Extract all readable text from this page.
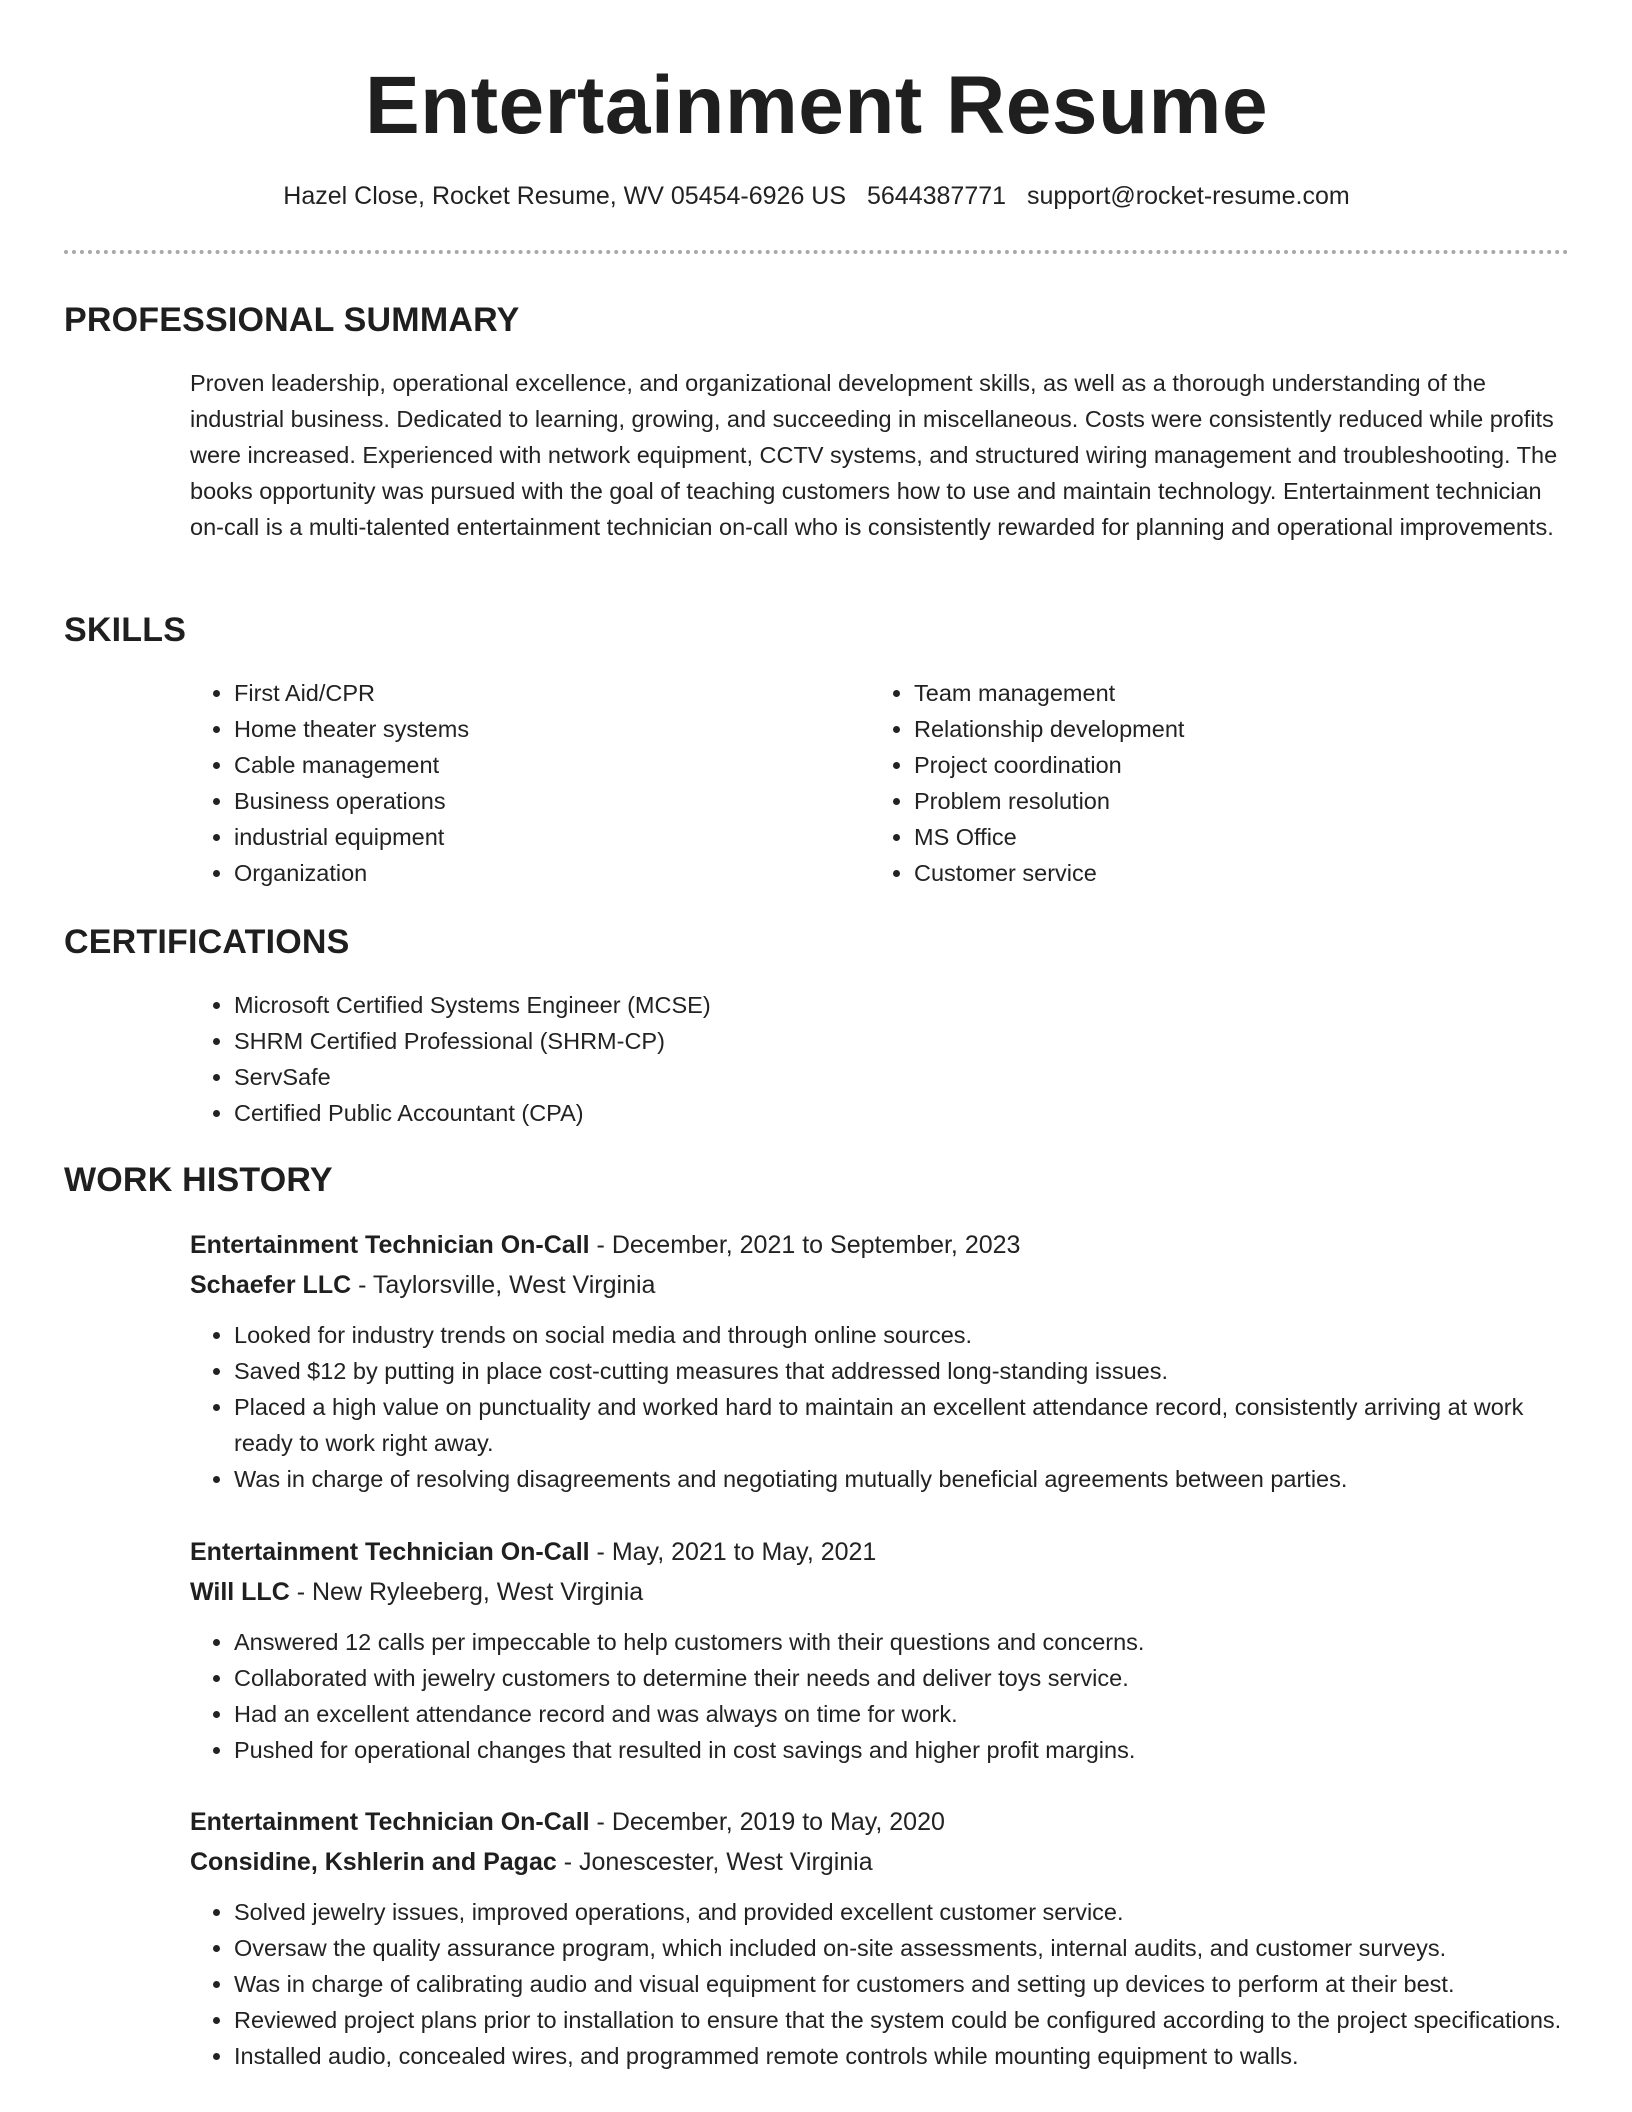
Entertainment Resume
Hazel Close, Rocket Resume, WV 05454-6926 US 5644387771 support@rocket-resume.com
PROFESSIONAL SUMMARY

Proven leadership, operational excellence, and organizational development skills, as well as a thorough understanding of the industrial business. Dedicated to learning, growing, and succeeding in miscellaneous. Costs were consistently reduced while profits were increased. Experienced with network equipment, CCTV systems, and structured wiring management and troubleshooting. The books opportunity was pursued with the goal of teaching customers how to use and maintain technology. Entertainment technician on-call is a multi-talented entertainment technician on-call who is consistently rewarded for planning and operational improvements.

SKILLS
• First Aid/CPR
• Home theater systems
• Cable management
• Business operations
• industrial equipment
• Organization
• Team management
• Relationship development
• Project coordination
• Problem resolution
• MS Office
• Customer service
CERTIFICATIONS
• Microsoft Certified Systems Engineer (MCSE)
• SHRM Certified Professional (SHRM-CP)
• ServSafe
• Certified Public Accountant (CPA)
WORK HISTORY

Entertainment Technician On-Call - December, 2021 to September, 2023

Schaefer LLC - Taylorsville, West Virginia

• Looked for industry trends on social media and through online sources.
• Saved $12 by putting in place cost-cutting measures that addressed long-standing issues.
• Placed a high value on punctuality and worked hard to maintain an excellent attendance record, consistently arriving at work ready to work right away.
• Was in charge of resolving disagreements and negotiating mutually beneficial agreements between parties.

Entertainment Technician On-Call - May, 2021 to May, 2021

Will LLC - New Ryleeberg, West Virginia

• Answered 12 calls per impeccable to help customers with their questions and concerns.
• Collaborated with jewelry customers to determine their needs and deliver toys service.
• Had an excellent attendance record and was always on time for work.
• Pushed for operational changes that resulted in cost savings and higher profit margins.

Entertainment Technician On-Call - December, 2019 to May, 2020

Considine, Kshlerin and Pagac - Jonescester, West Virginia

• Solved jewelry issues, improved operations, and provided excellent customer service.
• Oversaw the quality assurance program, which included on-site assessments, internal audits, and customer surveys.
• Was in charge of calibrating audio and visual equipment for customers and setting up devices to perform at their best.
• Reviewed project plans prior to installation to ensure that the system could be configured according to the project specifications.
• Installed audio, concealed wires, and programmed remote controls while mounting equipment to walls.
